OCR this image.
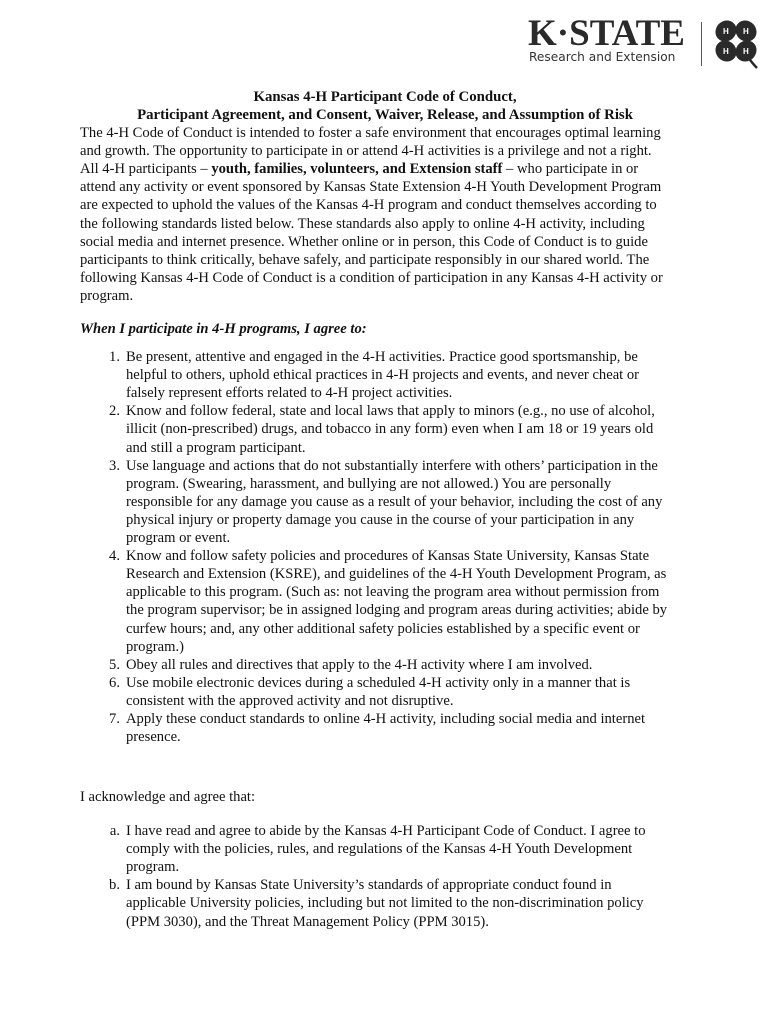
K·STATE
Research and Extension
H H
H H
Kansas 4-H Participant Code of Conduct,
Participant Agreement, and Consent, Waiver, Release, and Assumption of Risk
The 4-H Code of Conduct is intended to foster a safe environment that encourages optimal learning
and growth. The opportunity to participate in or attend 4-H activities is a privilege and not a right.
All 4-H participants – youth, families, volunteers, and Extension staff – who participate in or
attend any activity or event sponsored by Kansas State Extension 4-H Youth Development Program
are expected to uphold the values of the Kansas 4-H program and conduct themselves according to
the following standards listed below. These standards also apply to online 4-H activity, including
social media and internet presence. Whether online or in person, this Code of Conduct is to guide
participants to think critically, behave safely, and participate responsibly in our shared world. The
following Kansas 4-H Code of Conduct is a condition of participation in any Kansas 4-H activity or
program.
When I participate in 4-H programs, I agree to:
1. Be present, attentive and engaged in the 4-H activities. Practice good sportsmanship, be
helpful to others, uphold ethical practices in 4-H projects and events, and never cheat or
falsely represent efforts related to 4-H project activities.
2. Know and follow federal, state and local laws that apply to minors (e.g., no use of alcohol,
illicit (non-prescribed) drugs, and tobacco in any form) even when I am 18 or 19 years old
and still a program participant.
3. Use language and actions that do not substantially interfere with others’ participation in the
program. (Swearing, harassment, and bullying are not allowed.) You are personally
responsible for any damage you cause as a result of your behavior, including the cost of any
physical injury or property damage you cause in the course of your participation in any
program or event.
4. Know and follow safety policies and procedures of Kansas State University, Kansas State
Research and Extension (KSRE), and guidelines of the 4-H Youth Development Program, as
applicable to this program. (Such as: not leaving the program area without permission from
the program supervisor; be in assigned lodging and program areas during activities; abide by
curfew hours; and, any other additional safety policies established by a specific event or
program.)
5. Obey all rules and directives that apply to the 4-H activity where I am involved.
6. Use mobile electronic devices during a scheduled 4-H activity only in a manner that is
consistent with the approved activity and not disruptive.
7. Apply these conduct standards to online 4-H activity, including social media and internet
presence.
I acknowledge and agree that:
a. I have read and agree to abide by the Kansas 4-H Participant Code of Conduct. I agree to
comply with the policies, rules, and regulations of the Kansas 4-H Youth Development
program.
b. I am bound by Kansas State University’s standards of appropriate conduct found in
applicable University policies, including but not limited to the non-discrimination policy
(PPM 3030), and the Threat Management Policy (PPM 3015).
